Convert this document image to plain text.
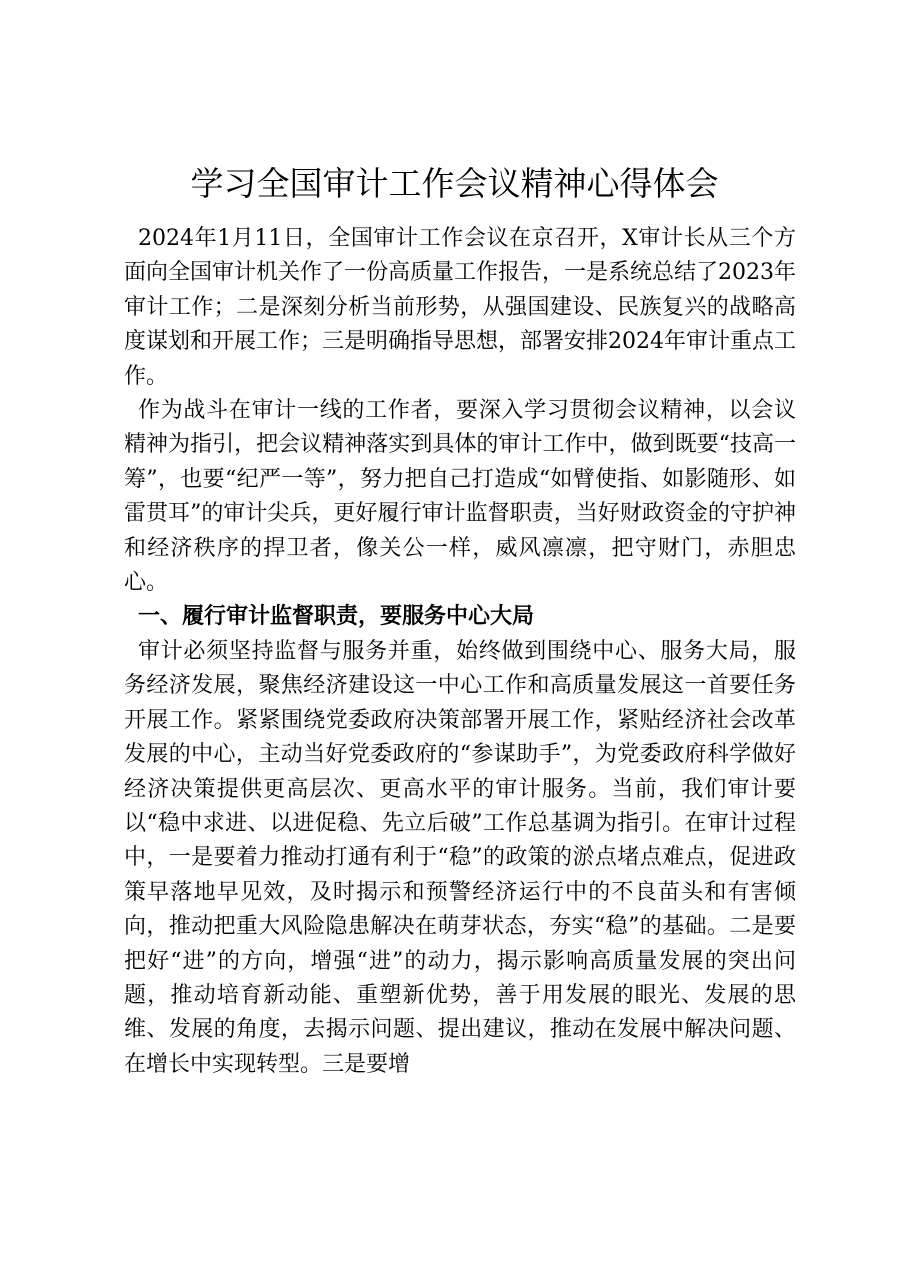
学习全国审计工作会议精神心得体会

2024年1月11日，全国审计工作会议在京召开，X审计长从三个方面向全国审计机关作了一份高质量工作报告，一是系统总结了2023年审计工作；二是深刻分析当前形势，从强国建设、民族复兴的战略高度谋划和开展工作；三是明确指导思想，部署安排2024年审计重点工作。

作为战斗在审计一线的工作者，要深入学习贯彻会议精神，以会议精神为指引，把会议精神落实到具体的审计工作中，做到既要“技高一筹”，也要“纪严一等”，努力把自己打造成“如臂使指、如影随形、如雷贯耳”的审计尖兵，更好履行审计监督职责，当好财政资金的守护神和经济秩序的捍卫者，像关公一样，威风凛凛，把守财门，赤胆忠心。

一、履行审计监督职责，要服务中心大局

审计必须坚持监督与服务并重，始终做到围绕中心、服务大局，服务经济发展，聚焦经济建设这一中心工作和高质量发展这一首要任务开展工作。紧紧围绕党委政府决策部署开展工作，紧贴经济社会改革发展的中心，主动当好党委政府的“参谋助手”，为党委政府科学做好经济决策提供更高层次、更高水平的审计服务。当前，我们审计要以“稳中求进、以进促稳、先立后破”工作总基调为指引。在审计过程中，一是要着力推动打通有利于“稳”的政策的淤点堵点难点，促进政策早落地早见效，及时揭示和预警经济运行中的不良苗头和有害倾向，推动把重大风险隐患解决在萌芽状态，夯实“稳”的基础。二是要把好“进”的方向，增强“进”的动力，揭示影响高质量发展的突出问题，推动培育新动能、重塑新优势，善于用发展的眼光、发展的思维、发展的角度，去揭示问题、提出建议，推动在发展中解决问题、在增长中实现转型。三是要增
